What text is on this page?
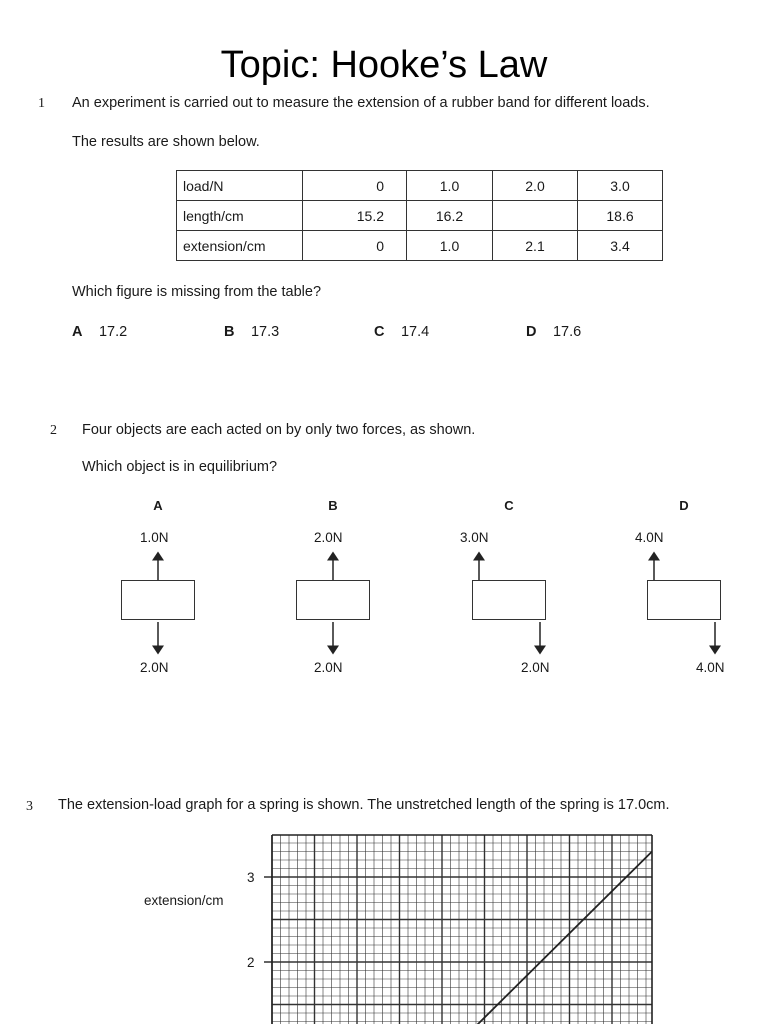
Topic: Hooke’s Law
1 An experiment is carried out to measure the extension of a rubber band for different loads.
The results are shown below.
load/N	0	1.0	2.0	3.0
length/cm	15.2	16.2		18.6
extension/cm	0	1.0	2.1	3.4
Which figure is missing from the table?
A 17.2	B 17.3	C 17.4	D 17.6
2 Four objects are each acted on by only two forces, as shown.
Which object is in equilibrium?
A
1.0N
2.0N
B
2.0N
2.0N
C
3.0N
2.0N
D
4.0N
4.0N
3 The extension-load graph for a spring is shown. The unstretched length of the spring is 17.0cm.
extension/cm
3
2
